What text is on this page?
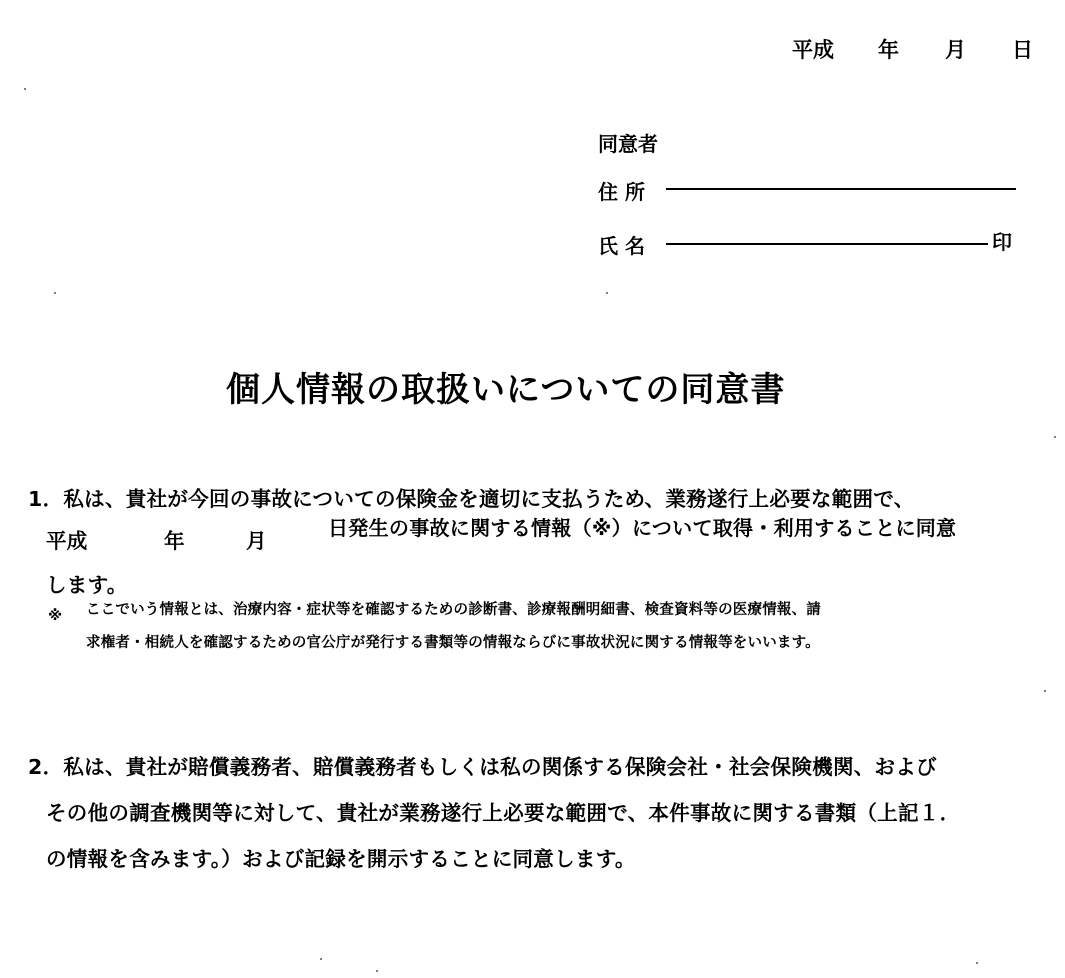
平成 年 月 日
同意者
住 所
氏 名	印
個人情報の取扱いについての同意書
1．私は、貴社が今回の事故についての保険金を適切に支払うため、業務遂行上必要な範囲で、
平成	年	月
日発生の事故に関する情報（※）について取得・利用することに同意
します。
※ ここでいう情報とは、治療内容・症状等を確認するための診断書、診療報酬明細書、検査資料等の医療情報、請
求権者・相続人を確認するための官公庁が発行する書類等の情報ならびに事故状況に関する情報等をいいます。
2．私は、貴社が賠償義務者、賠償義務者もしくは私の関係する保険会社・社会保険機関、および
その他の調査機関等に対して、貴社が業務遂行上必要な範囲で、本件事故に関する書類（上記１．
の情報を含みます。）および記録を開示することに同意します。
